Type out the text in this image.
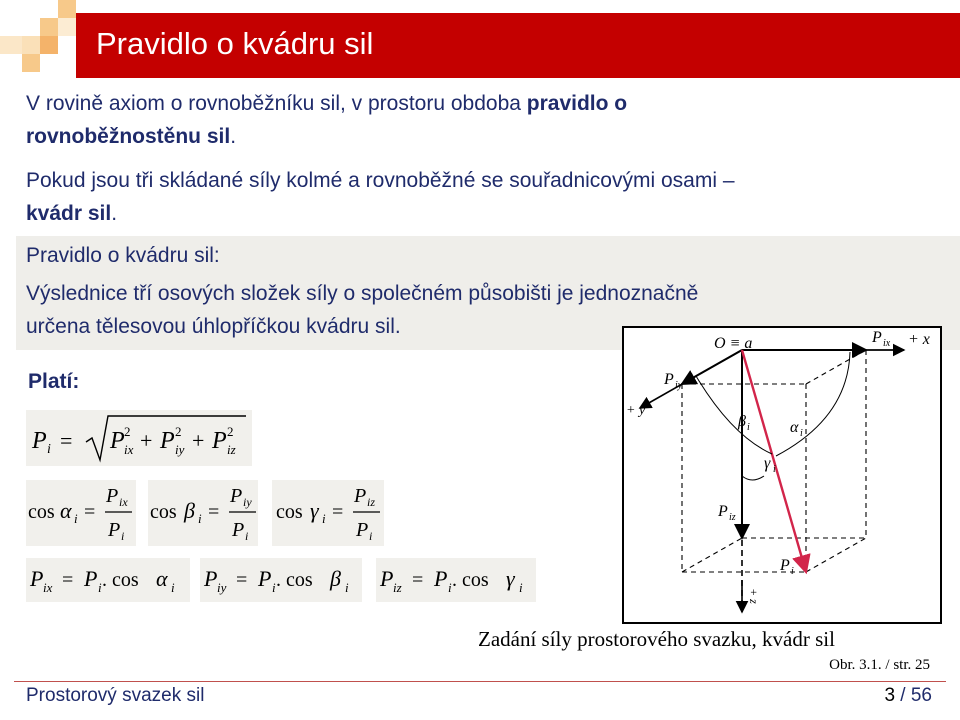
Pravidlo o kvádru sil
V rovině axiom o rovnoběžníku sil, v prostoru obdoba pravidlo o
rovnoběžnostěnu sil.
Pokud jsou tři skládané síly kolmé a rovnoběžné se souřadnicovými osami –
kvádr sil.
Pravidlo o kvádru sil:
Výslednice tří osových složek síly o společném působišti je jednoznačně
určena tělesovou úhlopříčkou kvádru sil.
Platí:
P i = P 2
ix + P 2
iy + P 2
iz
cos α i =
P ix
P i
cos β i =
P iy
P i
cos γ i =
P iz
P i
P ix = P i . cos α i P iy = P i . cos β i P iz = P i . cos γ i
O ≡ a	P ix + x
P iy
+ y
β i	α i
γ i
P iz
P i
+ z
Zadání síly prostorového svazku, kvádr sil
Obr. 3.1. / str. 25
Prostorový svazek sil	3 / 56
